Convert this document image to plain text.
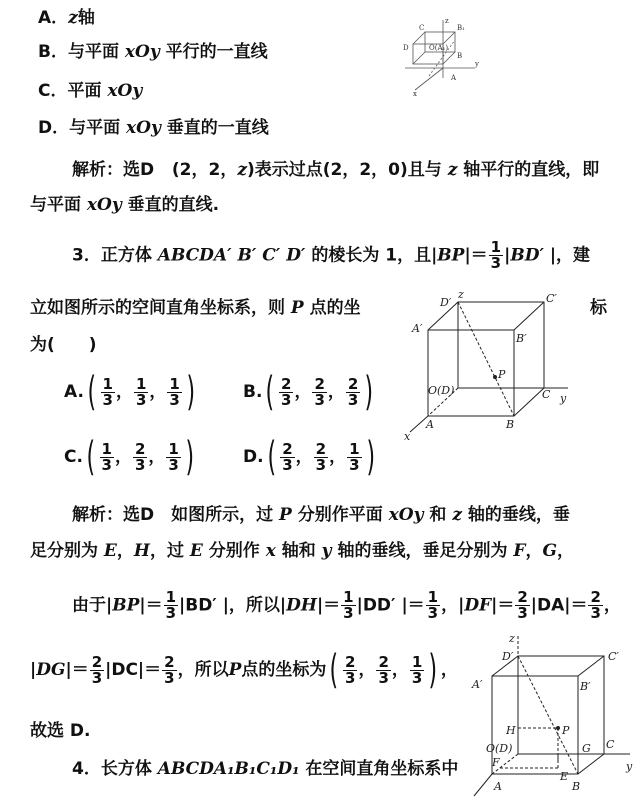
A．z轴
B．与平面 xOy 平行的一直线
C．平面 xOy
D．与平面 xOy 垂直的一直线
C
z
B₁
D	O(A₁)
B
y
x
A
解析：选D (2，2，z)表示过点(2，2，0)且与 z 轴平行的直线，即
与平面 xOy 垂直的直线.
3．正方体 ABCDA′ B′ C′ D′ 的棱长为 1，且$|BP|= \frac{1}{3} |BD'$ |，建
立如图所示的空间直角坐标系，则 P 点的坐	标
为(　　)
A. ( $\frac{1}{3}$ ， $\frac{1}{3}$ ， $\frac{1}{3}$ )	B. ( $\frac{2}{3}$ ， $\frac{2}{3}$ ， $\frac{2}{3}$ )
C. ( $\frac{1}{3}$ ， $\frac{2}{3}$ ， $\frac{1}{3}$ )	D. ( $\frac{2}{3}$ ， $\frac{2}{3}$ ， $\frac{1}{3}$ )
z
D′	C′
A′
B′
P
O(D)	C y
x
A	B
解析：选D　如图所示，过 P 分别作平面 xOy 和 z 轴的垂线，垂
足分别为 E，H，过 E 分别作 x 轴和 y 轴的垂线，垂足分别为 F，G，
由于$|BP|= \frac{1}{3} |BD'$ |，所以$|DH|= \frac{1}{3} |DD'$ |＝ $\frac{1}{3}$ ，$|DF|= \frac{2}{3} |DA|= \frac{2}{3}$ ，
| DG |＝ $\frac{2}{3} |DC|= \frac{2}{3}$ ，所以 P 点的坐标为 ( $\frac{2}{3}$ ， $\frac{2}{3}$ ， $\frac{1}{3}$ ) ，
故选 D.
4．长方体 ABCDA₁B₁C₁D₁ 在空间直角坐标系中
z
D′	C′
A′	B′
H	P
O(D)	G C
y
F
E
A	B
